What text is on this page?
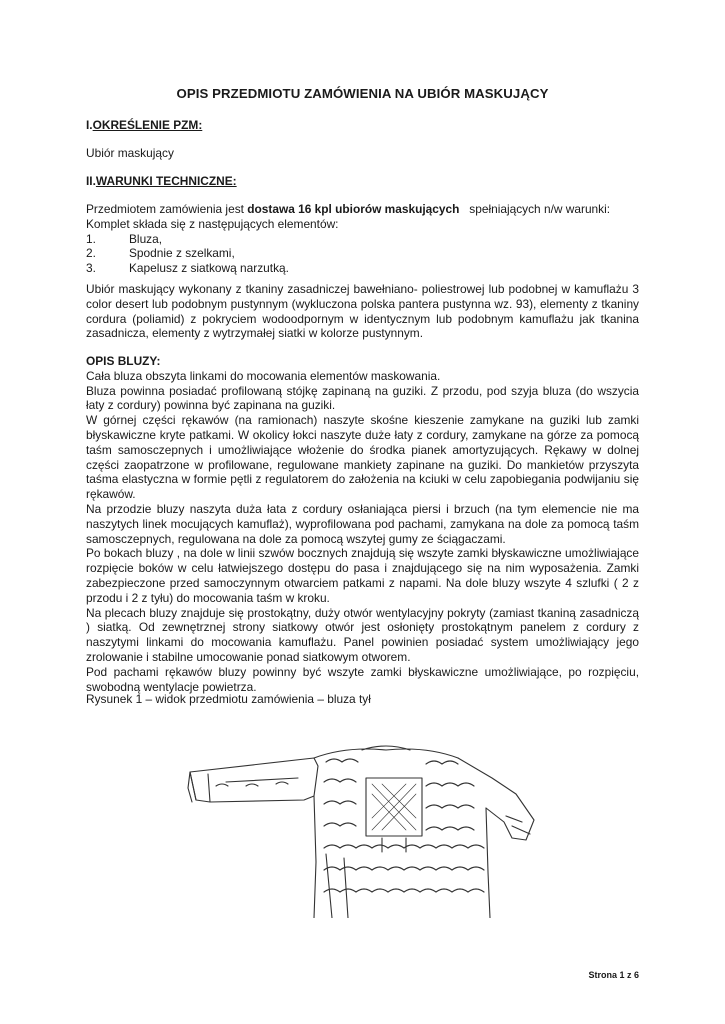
OPIS PRZEDMIOTU ZAMÓWIENIA NA UBIÓR MASKUJĄCY
I.OKREŚLENIE PZM:
Ubiór maskujący
II.WARUNKI TECHNICZNE:
Przedmiotem zamówienia jest dostawa 16 kpl ubiorów maskujących   spełniających n/w warunki:
Komplet składa się z następujących elementów:
1.	Bluza,
2.	Spodnie z szelkami,
3.	Kapelusz z siatkową narzutką.
Ubiór maskujący wykonany z tkaniny zasadniczej bawełniano- poliestrowej lub podobnej w kamuflażu 3 color desert lub podobnym pustynnym (wykluczona polska pantera pustynna wz. 93), elementy z tkaniny cordura (poliamid) z pokryciem wodoodpornym w identycznym lub podobnym kamuflażu jak tkanina zasadnicza, elementy z wytrzymałej siatki w kolorze pustynnym.
OPIS BLUZY:
Cała bluza obszyta linkami do mocowania elementów maskowania.
Bluza powinna posiadać profilowaną stójkę zapinaną na guziki. Z przodu, pod szyja bluza (do wszycia łaty z cordury) powinna być zapinana na guziki.
W górnej części rękawów (na ramionach) naszyte skośne kieszenie zamykane na guziki lub zamki błyskawiczne kryte patkami. W okolicy łokci naszyte duże łaty z cordury, zamykane na górze za pomocą taśm samosczepnych i umożliwiające włożenie do środka pianek amortyzujących. Rękawy w dolnej części zaopatrzone w profilowane, regulowane mankiety zapinane na guziki. Do mankietów przyszyta taśma elastyczna w formie pętli z regulatorem do założenia na kciuki w celu zapobiegania podwijaniu się rękawów.
Na przodzie bluzy naszyta duża łata z cordury osłaniająca piersi i brzuch (na tym elemencie nie ma naszytych linek mocujących kamuflaż), wyprofilowana pod pachami, zamykana na dole za pomocą taśm samosczepnych, regulowana na dole za pomocą wszytej gumy ze ściągaczami.
Po bokach bluzy , na dole w linii szwów bocznych znajdują się wszyte zamki błyskawiczne umożliwiające rozpięcie boków w celu łatwiejszego dostępu do pasa i znajdującego się na nim wyposażenia. Zamki zabezpieczone przed samoczynnym otwarciem patkami z napami. Na dole bluzy wszyte 4 szlufki ( 2 z przodu i 2 z tyłu) do mocowania taśm w kroku.
Na plecach bluzy znajduje się prostokątny, duży otwór wentylacyjny pokryty (zamiast tkaniną zasadniczą ) siatką. Od zewnętrznej strony siatkowy otwór jest osłonięty prostokątnym panelem z cordury z naszytymi linkami do mocowania kamuflażu. Panel powinien posiadać system umożliwiający jego zrolowanie i stabilne umocowanie ponad siatkowym otworem.
Pod pachami rękawów bluzy powinny być wszyte zamki błyskawiczne umożliwiające, po rozpięciu, swobodną wentylacje powietrza.
Rysunek 1 – widok przedmiotu zamówienia – bluza tył
Strona 1 z 6
